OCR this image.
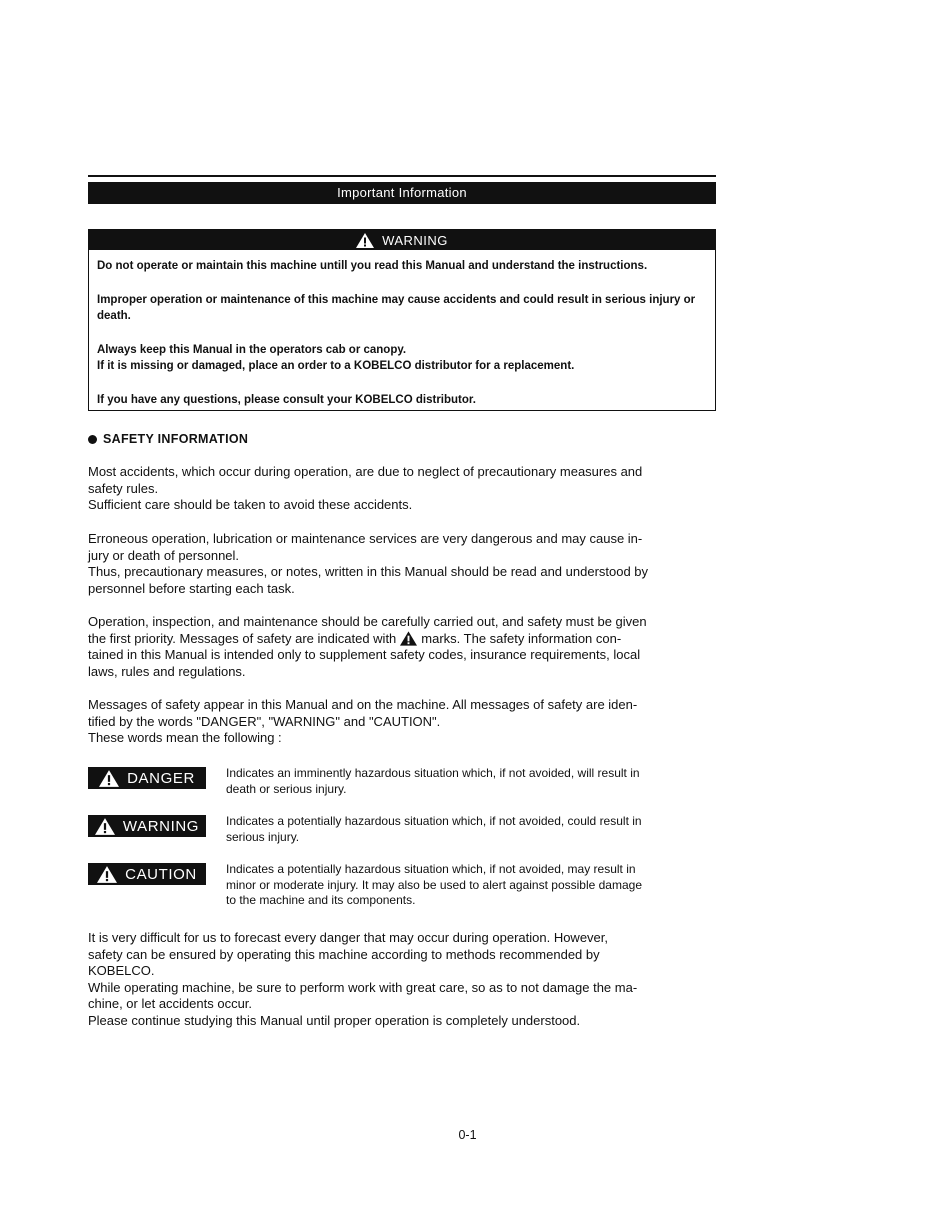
Important Information
WARNING

Do not operate or maintain this machine untill you read this Manual and understand the instructions.

Improper operation or maintenance of this machine may cause accidents and could result in serious injury or

death.

Always keep this Manual in the operators cab or canopy.

If it is missing or damaged, place an order to a KOBELCO distributor for a replacement.

If you have any questions, please consult your KOBELCO distributor.

SAFETY INFORMATION

Most accidents, which occur during operation, are due to neglect of precautionary measures and
safety rules.
Sufficient care should be taken to avoid these accidents.

Erroneous operation, lubrication or maintenance services are very dangerous and may cause in-
jury or death of personnel.
Thus, precautionary measures, or notes, written in this Manual should be read and understood by
personnel before starting each task.

Operation, inspection, and maintenance should be carefully carried out, and safety must be given
the first priority. Messages of safety are indicated with marks. The safety information con-
tained in this Manual is intended only to supplement safety codes, insurance requirements, local
laws, rules and regulations.

Messages of safety appear in this Manual and on the machine. All messages of safety are iden-
tified by the words "DANGER", "WARNING" and "CAUTION".
These words mean the following :

DANGER	Indicates an imminently hazardous situation which, if not avoided, will result in
death or serious injury.

WARNING Indicates a potentially hazardous situation which, if not avoided, could result in
serious injury.

CAUTION Indicates a potentially hazardous situation which, if not avoided, may result in
minor or moderate injury. It may also be used to alert against possible damage
to the machine and its components.

It is very difficult for us to forecast every danger that may occur during operation. However,
safety can be ensured by operating this machine according to methods recommended by
KOBELCO.
While operating machine, be sure to perform work with great care, so as to not damage the ma-
chine, or let accidents occur.
Please continue studying this Manual until proper operation is completely understood.

0-1
